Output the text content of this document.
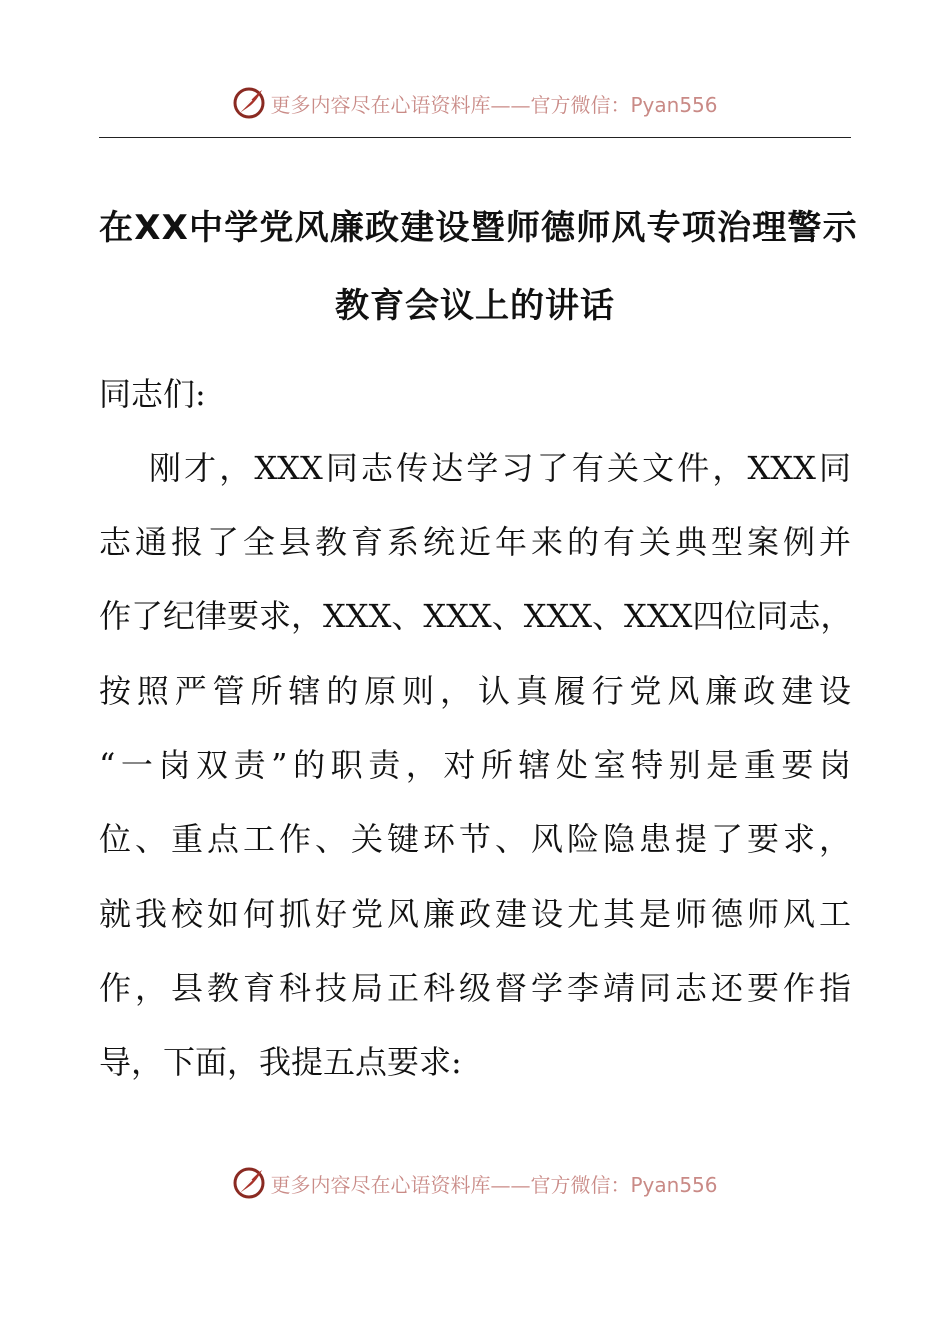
更多内容尽在心语资料库——官方微信：Pyan556
在XX中学党风廉政建设暨师德师风专项治理警示
教育会议上的讲话
同志们:
刚才，XXX同志传达学习了有关文件，XXX同
志通报了全县教育系统近年来的有关典型案例并
作了纪律要求，XXX、XXX、XXX、XXX四位同志，
按照严管所辖的原则，认真履行党风廉政建设
“一岗双责”的职责，对所辖处室特别是重要岗
位、重点工作、关键环节、风险隐患提了要求，
就我校如何抓好党风廉政建设尤其是师德师风工
作，县教育科技局正科级督学李靖同志还要作指
导，下面，我提五点要求:
更多内容尽在心语资料库——官方微信：Pyan556
